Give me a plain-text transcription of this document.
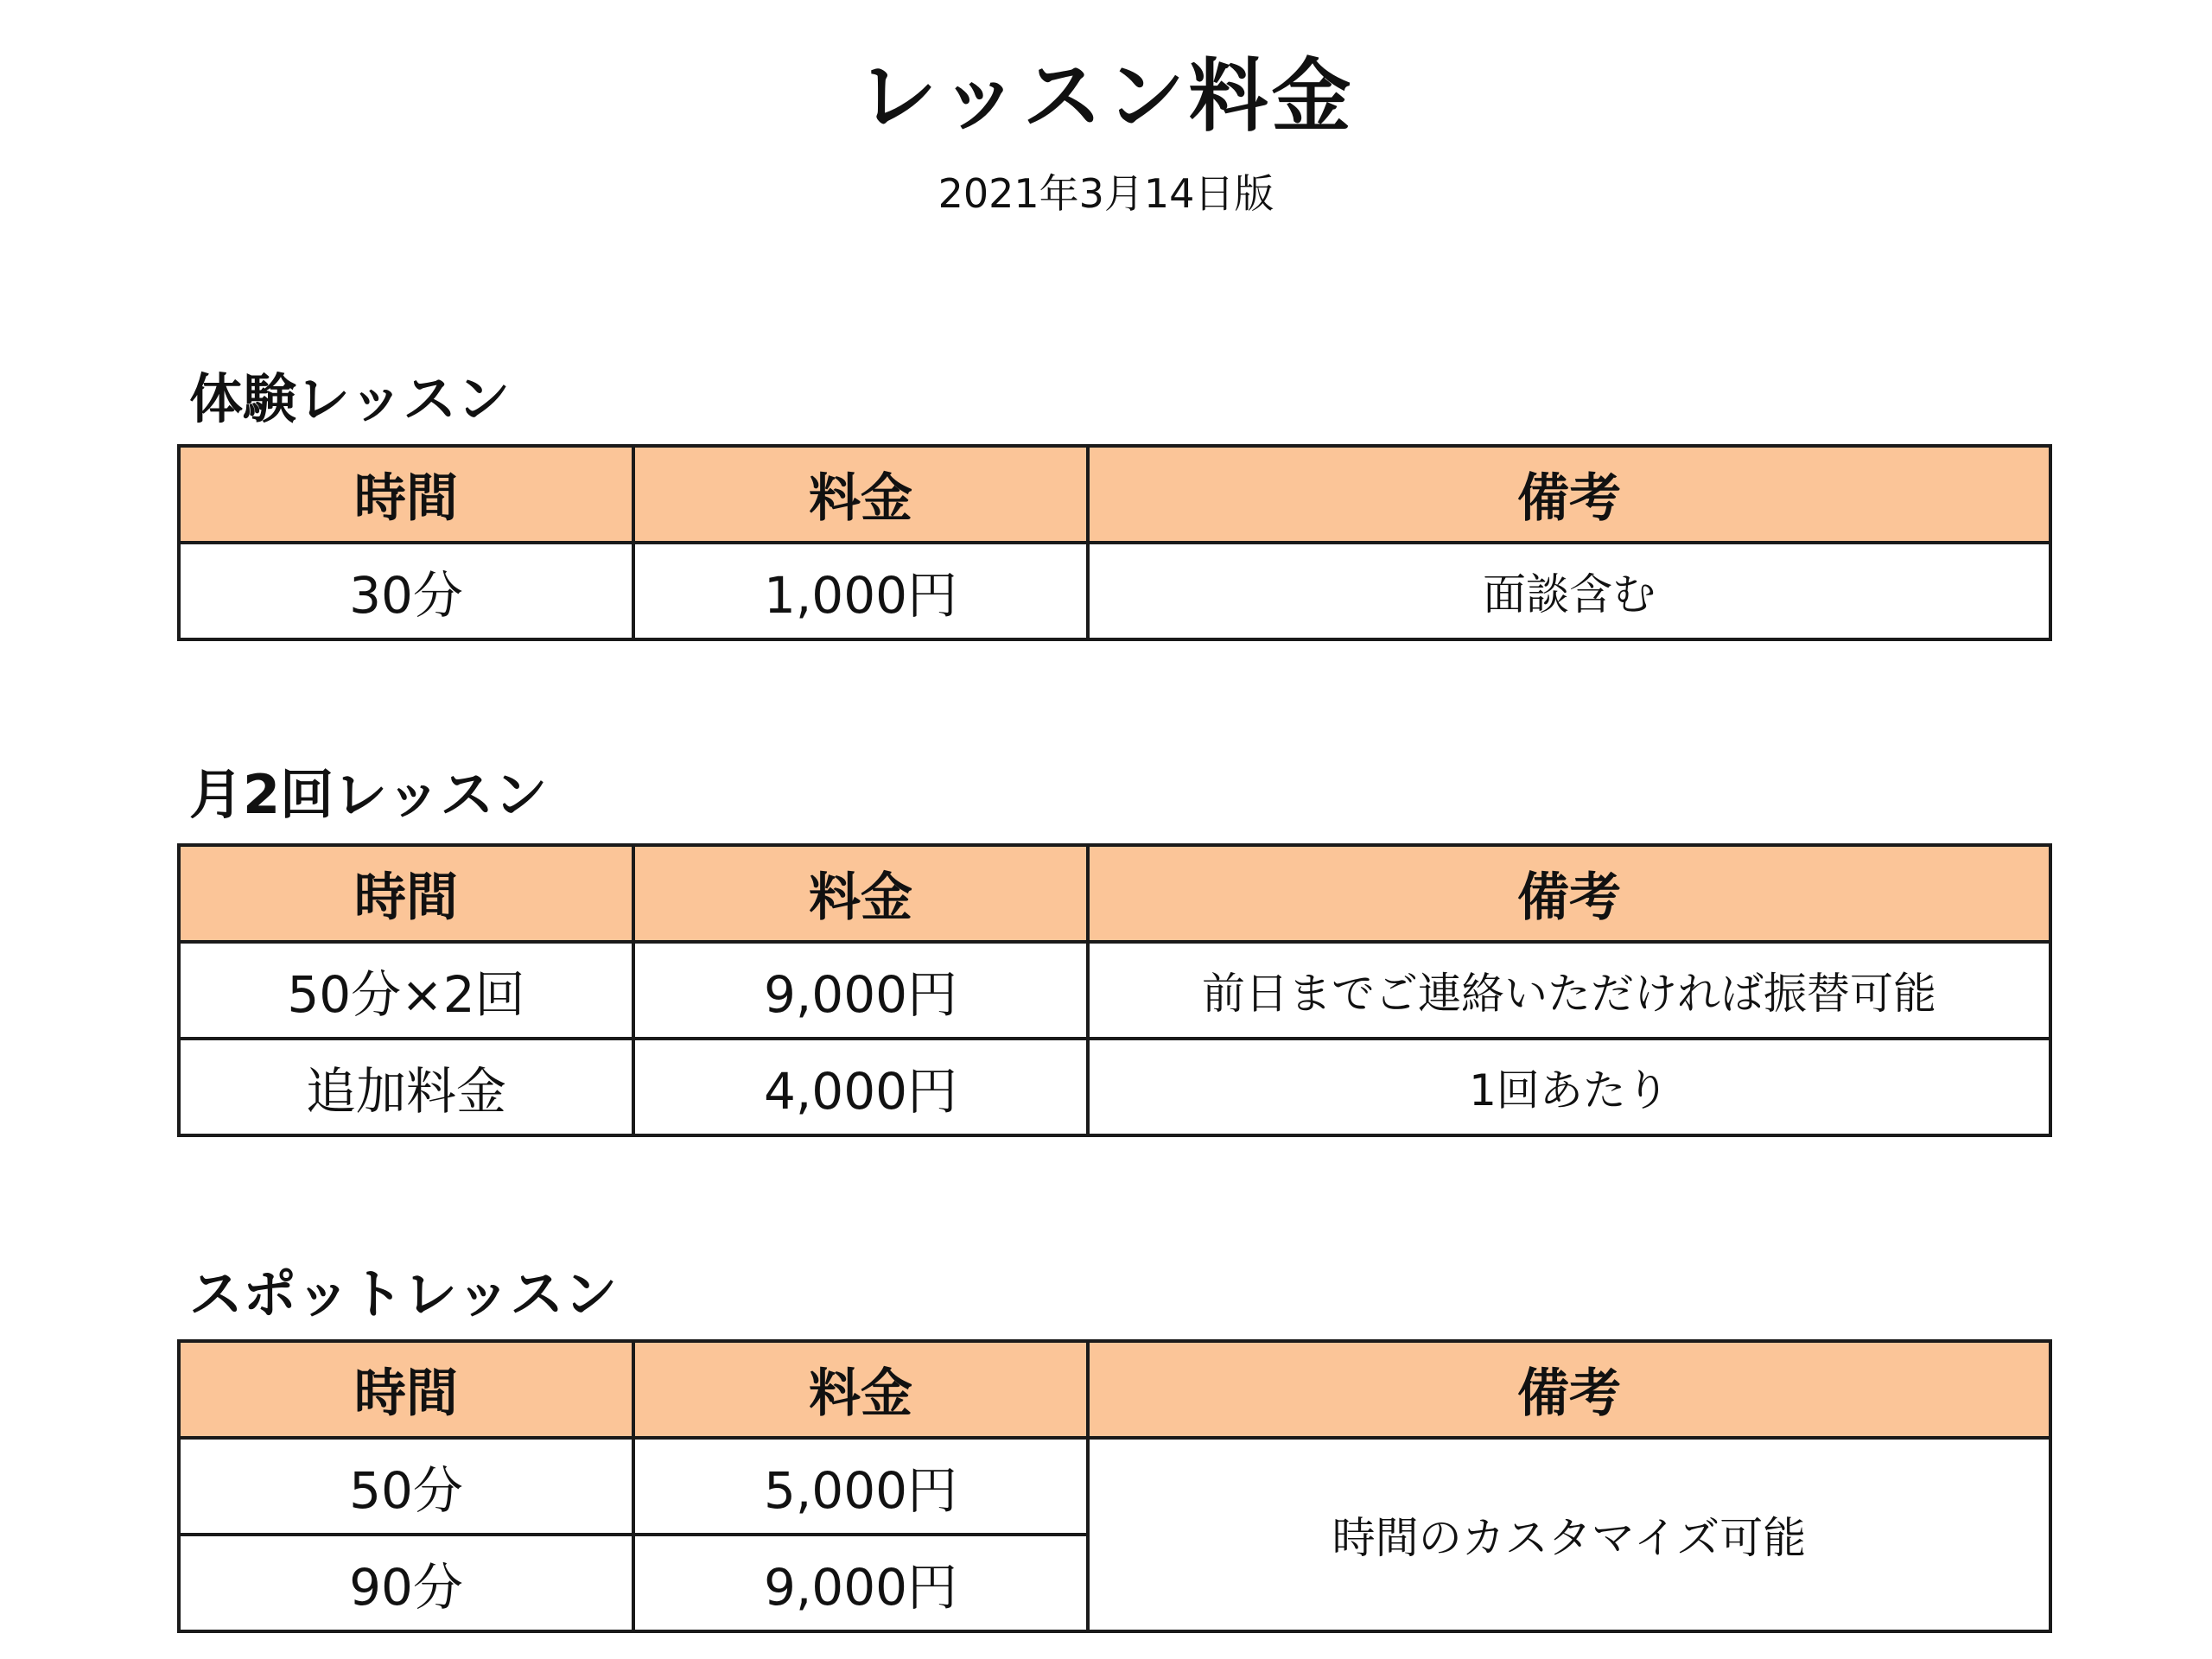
レッスン料金
2021年3月14日版
体験レッスン
時間	料金	備考
30分	1,000円	面談含む
月2回レッスン
時間	料金	備考
50分×2回	9,000円	前日までご連絡いただければ振替可能
追加料金	4,000円	1回あたり
スポットレッスン
時間	料金	備考
50分	5,000円	時間のカスタマイズ可能
90分	9,000円	
